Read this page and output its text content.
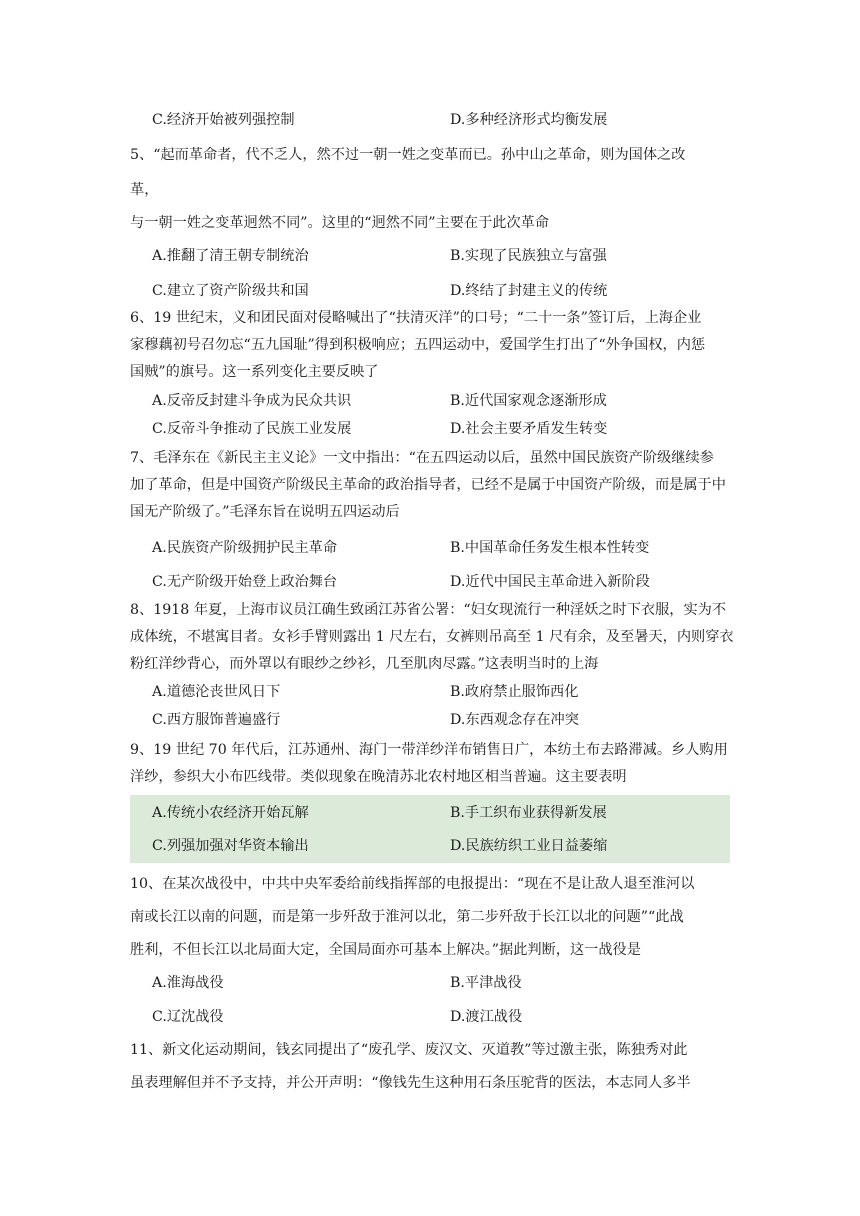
C.经济开始被列强控制	D.多种经济形式均衡发展
5、“起而革命者，代不乏人，然不过一朝一姓之变革而已。孙中山之革命，则为国体之改
革，
与一朝一姓之变革迥然不同”。这里的“迥然不同”主要在于此次革命
A.推翻了清王朝专制统治	B.实现了民族独立与富强
C.建立了资产阶级共和国	D.终结了封建主义的传统
6、19 世纪末，义和团民面对侵略喊出了“扶清灭洋”的口号；“二十一条”签订后，上海企业
家穆藕初号召勿忘“五九国耻”得到积极响应；五四运动中，爱国学生打出了“外争国权，内惩
国贼”的旗号。这一系列变化主要反映了
A.反帝反封建斗争成为民众共识	B.近代国家观念逐渐形成
C.反帝斗争推动了民族工业发展	D.社会主要矛盾发生转变
7、毛泽东在《新民主主义论》一文中指出：“在五四运动以后，虽然中国民族资产阶级继续参
加了革命，但是中国资产阶级民主革命的政治指导者，已经不是属于中国资产阶级，而是属于中
国无产阶级了。”毛泽东旨在说明五四运动后
A.民族资产阶级拥护民主革命	B.中国革命任务发生根本性转变
C.无产阶级开始登上政治舞台	D.近代中国民主革命进入新阶段
8、1918 年夏，上海市议员江确生致函江苏省公署：“妇女现流行一种淫妖之时下衣服，实为不
成体统，不堪寓目者。女衫手臂则露出 1 尺左右，女裤则吊高至 1 尺有余，及至暑天，内则穿衣
粉红洋纱背心，而外罩以有眼纱之纱衫，几至肌肉尽露。”这表明当时的上海
A.道德沦丧世风日下	B.政府禁止服饰西化
C.西方服饰普遍盛行	D.东西观念存在冲突
9、19 世纪 70 年代后，江苏通州、海门一带洋纱洋布销售日广，本纺土布去路滞减。乡人购用
洋纱，参织大小布匹线带。类似现象在晚清苏北农村地区相当普遍。这主要表明
A.传统小农经济开始瓦解	B.手工织布业获得新发展
C.列强加强对华资本输出	D.民族纺织工业日益萎缩
10、在某次战役中，中共中央军委给前线指挥部的电报提出：“现在不是让敌人退至淮河以
南或长江以南的问题，而是第一步歼敌于淮河以北，第二步歼敌于长江以北的问题”“此战
胜利，不但长江以北局面大定，全国局面亦可基本上解决。”据此判断，这一战役是
A.淮海战役	B.平津战役
C.辽沈战役	D.渡江战役
11、新文化运动期间，钱玄同提出了“废孔学、废汉文、灭道教”等过激主张，陈独秀对此
虽表理解但并不予支持，并公开声明：“像钱先生这种用石条压驼背的医法，本志同人多半
